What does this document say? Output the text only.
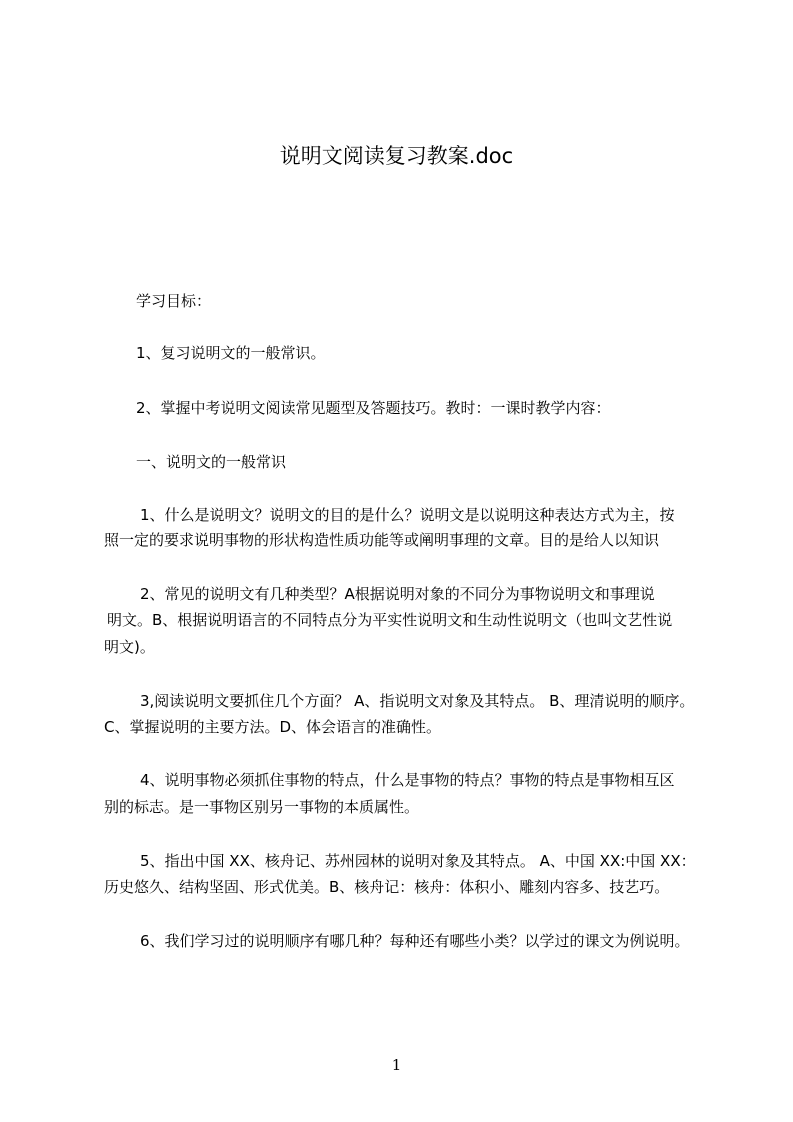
说明文阅读复习教案.doc
学习目标：
1、复习说明文的一般常识。
2、掌握中考说明文阅读常见题型及答题技巧。教时：一课时教学内容：
一、说明文的一般常识
1、什么是说明文？说明文的目的是什么？说明文是以说明这种表达方式为主，按
照一定的要求说明事物的形状构造性质功能等或阐明事理的文章。目的是给人以知识
2、常见的说明文有几种类型？A根据说明对象的不同分为事物说明文和事理说
明文。B、根据说明语言的不同特点分为平实性说明文和生动性说明文（也叫文艺性说
明文)。
3,阅读说明文要抓住几个方面？ A、指说明文对象及其特点。 B、理清说明的顺序。
C、掌握说明的主要方法。D、体会语言的准确性。
4、说明事物必须抓住事物的特点，什么是事物的特点？事物的特点是事物相互区
别的标志。是一事物区别另一事物的本质属性。
5、指出中国 XX、核舟记、苏州园林的说明对象及其特点。 A、中国 XX:中国 XX：
历史悠久、结构坚固、形式优美。B、核舟记：核舟：体积小、雕刻内容多、技艺巧。
6、我们学习过的说明顺序有哪几种？每种还有哪些小类？以学过的课文为例说明。
1
